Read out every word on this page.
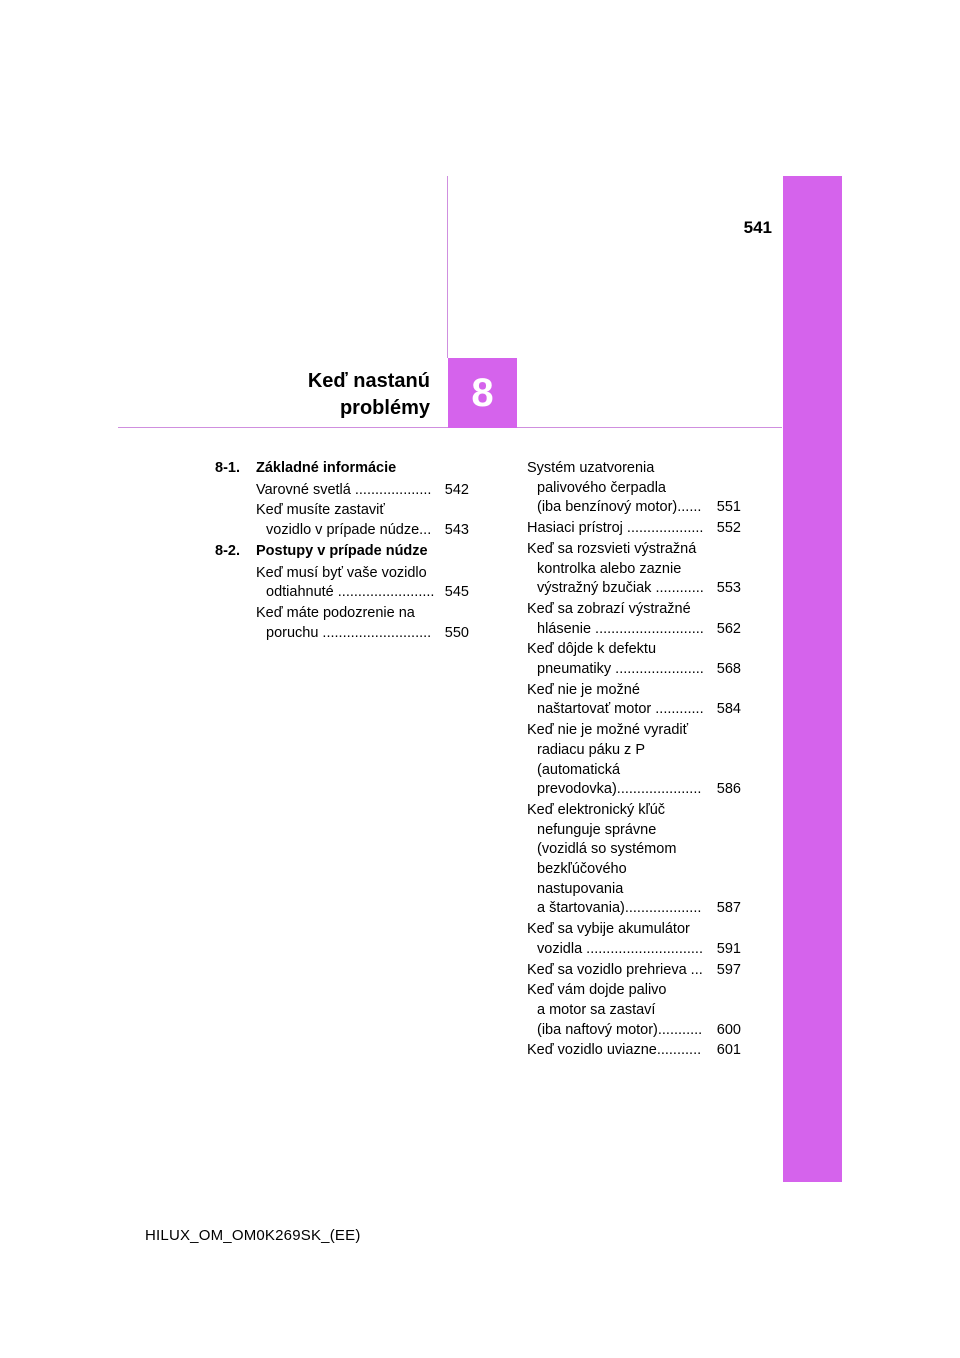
541
Keď nastanú
problémy 8
8-1.	Základné informácie
Varovné svetlá ................... 542
Keď musíte zastaviť
vozidlo v prípade núdze... 543
8-2.	Postupy v prípade núdze
Keď musí byť vaše vozidlo
odtiahnuté ........................ 545
Keď máte podozrenie na
poruchu ........................... 550
Systém uzatvorenia
palivového čerpadla
(iba benzínový motor)......	551
Hasiaci prístroj ................... 552
Keď sa rozsvieti výstražná
kontrolka alebo zaznie
výstražný bzučiak ............ 553
Keď sa zobrazí výstražné
hlásenie ........................... 562
Keď dôjde k defektu
pneumatiky ...................... 568
Keď nie je možné
naštartovať motor ............ 584
Keď nie je možné vyradiť
radiacu páku z P
(automatická
prevodovka).....................	586
Keď elektronický kľúč
nefunguje správne
(vozidlá so systémom
bezkľúčového nastupovania
a štartovania)...................	587
Keď sa vybije akumulátor
vozidla ............................. 591
Keď sa vozidlo prehrieva ... 597
Keď vám dojde palivo
a motor sa zastaví
(iba naftový motor)...........	600
Keď vozidlo uviazne...........	601
HILUX_OM_OM0K269SK_(EE)
